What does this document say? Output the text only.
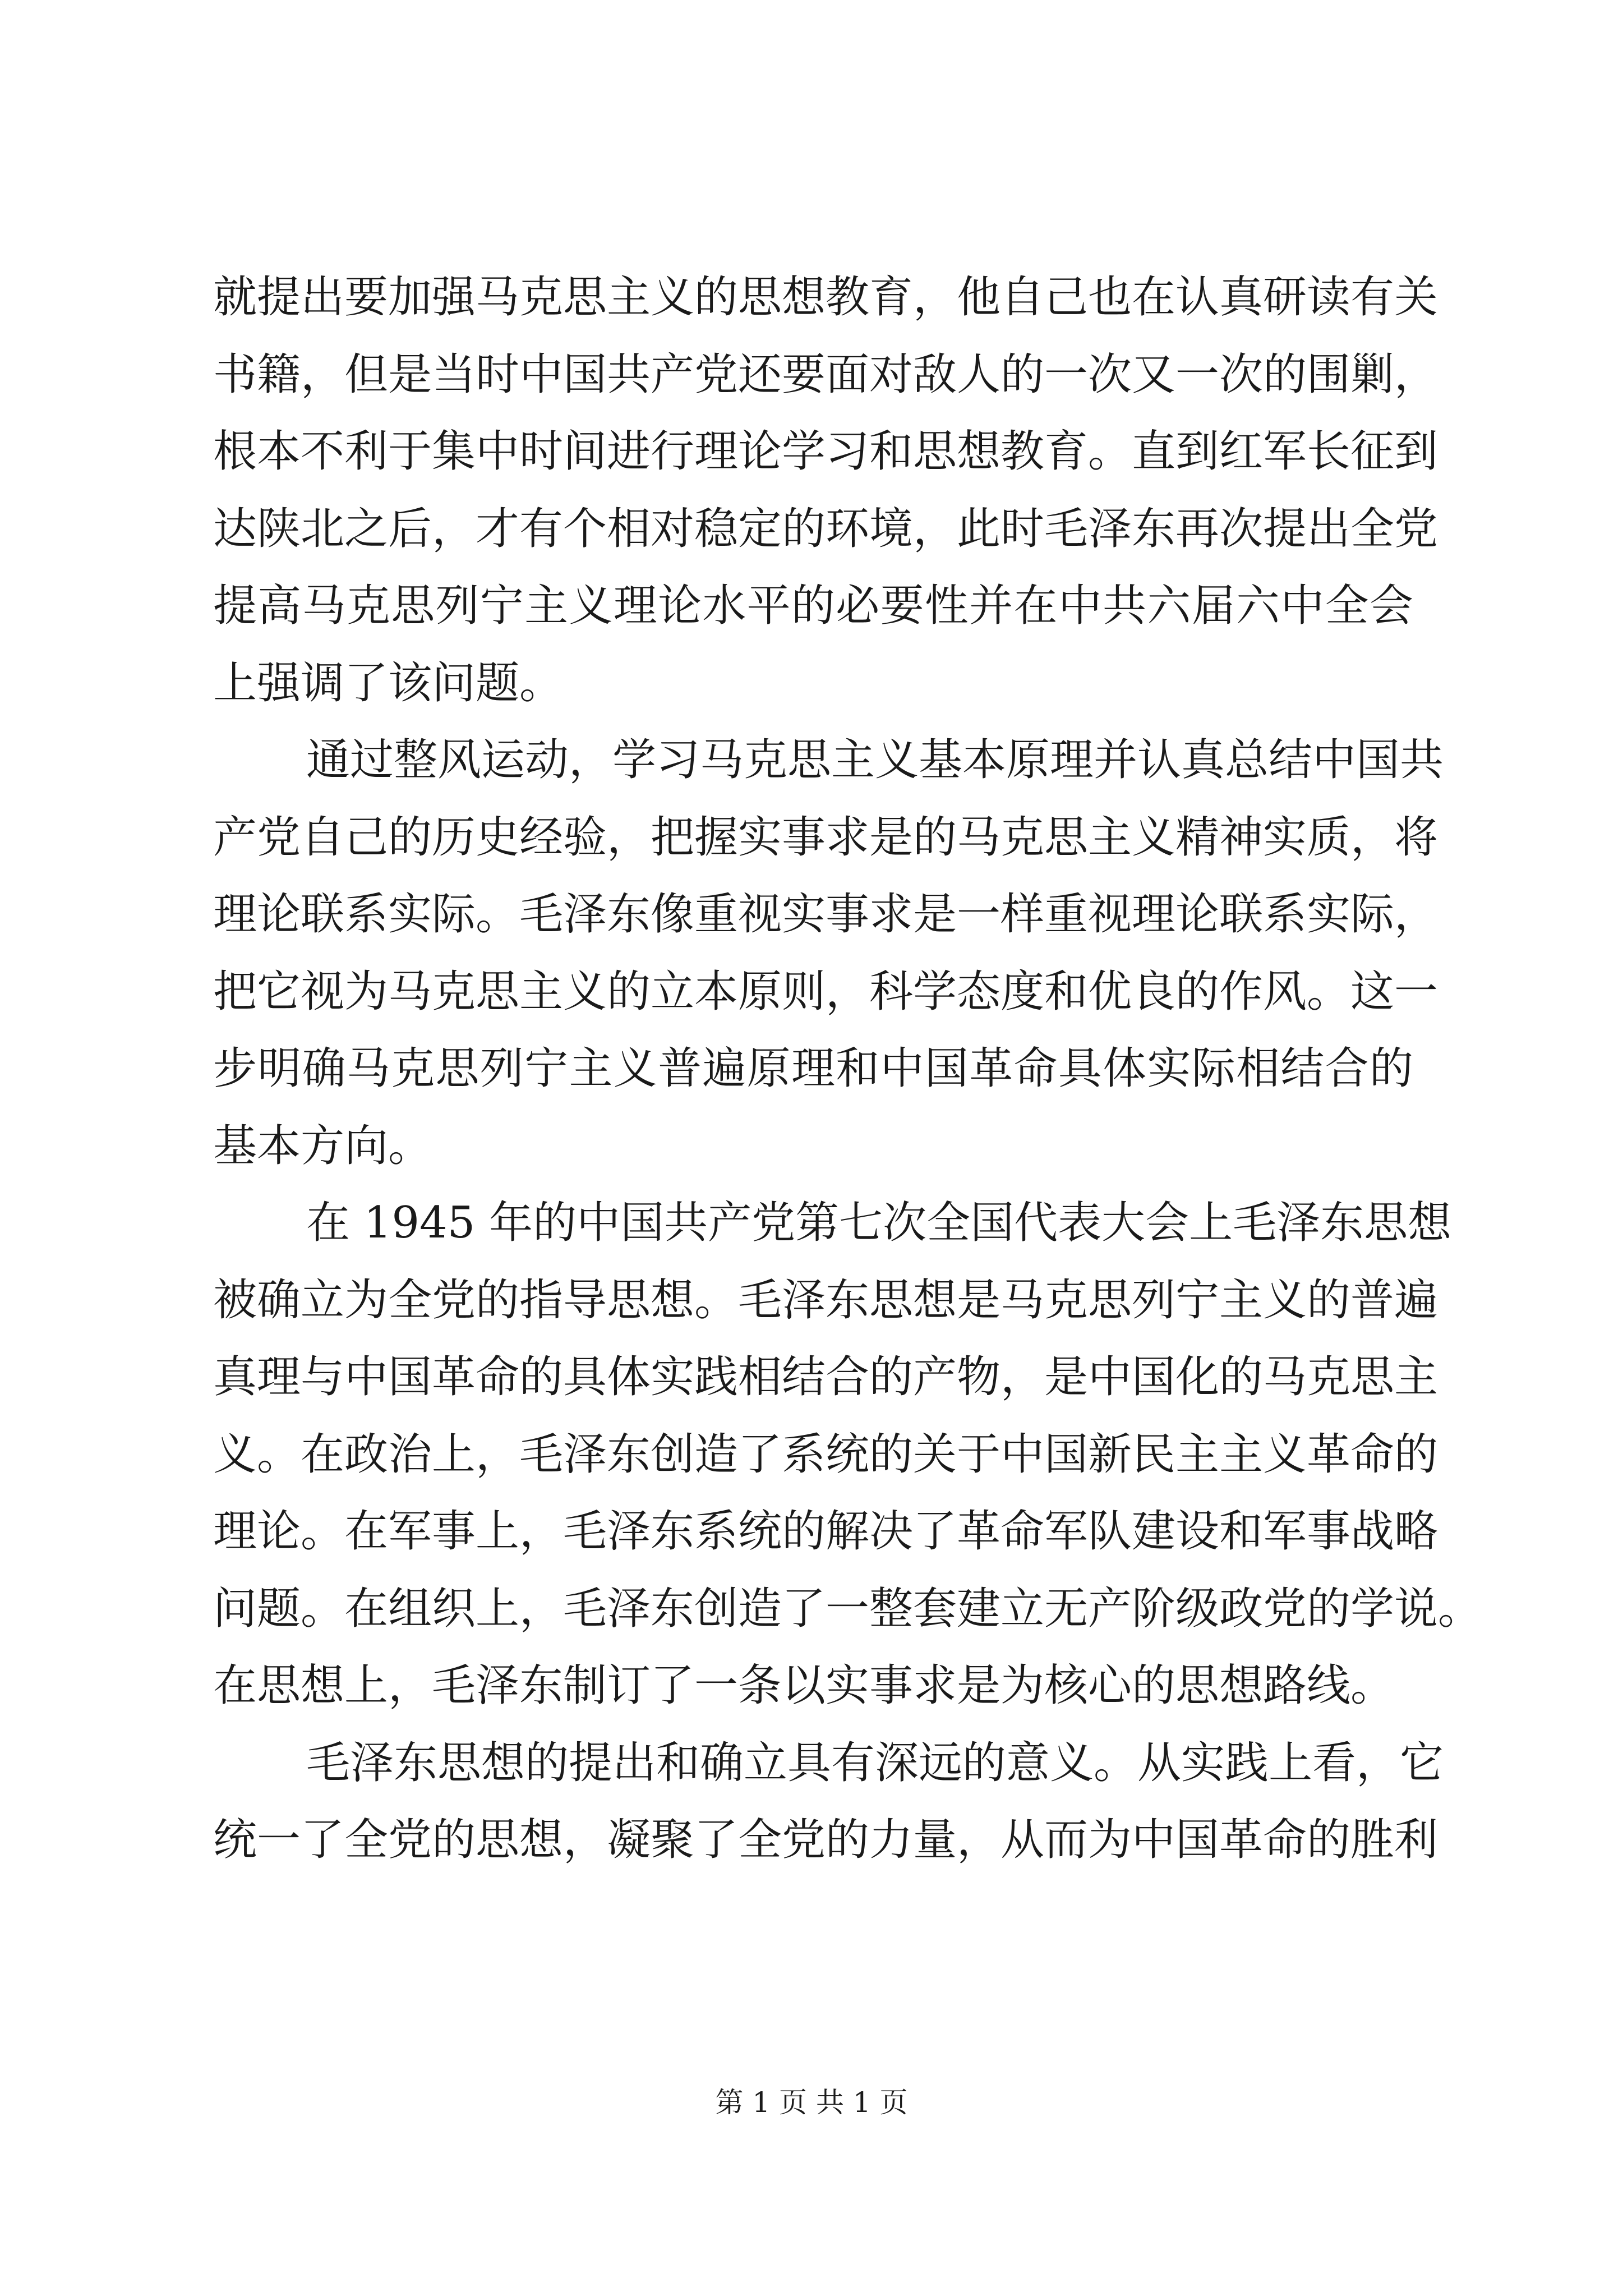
就提出要加强马克思主义的思想教育，他自己也在认真研读有关
书籍，但是当时中国共产党还要面对敌人的一次又一次的围剿，
根本不利于集中时间进行理论学习和思想教育。直到红军长征到
达陕北之后，才有个相对稳定的环境，此时毛泽东再次提出全党
提高马克思列宁主义理论水平的必要性并在中共六届六中全会
上强调了该问题。
通过整风运动，学习马克思主义基本原理并认真总结中国共
产党自己的历史经验，把握实事求是的马克思主义精神实质，将
理论联系实际。毛泽东像重视实事求是一样重视理论联系实际，
把它视为马克思主义的立本原则，科学态度和优良的作风。这一
步明确马克思列宁主义普遍原理和中国革命具体实际相结合的
基本方向。
在 1945 年的中国共产党第七次全国代表大会上毛泽东思想
被确立为全党的指导思想。毛泽东思想是马克思列宁主义的普遍
真理与中国革命的具体实践相结合的产物，是中国化的马克思主
义。在政治上，毛泽东创造了系统的关于中国新民主主义革命的
理论。在军事上，毛泽东系统的解决了革命军队建设和军事战略
问题。在组织上，毛泽东创造了一整套建立无产阶级政党的学说。
在思想上，毛泽东制订了一条以实事求是为核心的思想路线。
毛泽东思想的提出和确立具有深远的意义。从实践上看，它
统一了全党的思想，凝聚了全党的力量，从而为中国革命的胜利
第 1 页 共 1 页
